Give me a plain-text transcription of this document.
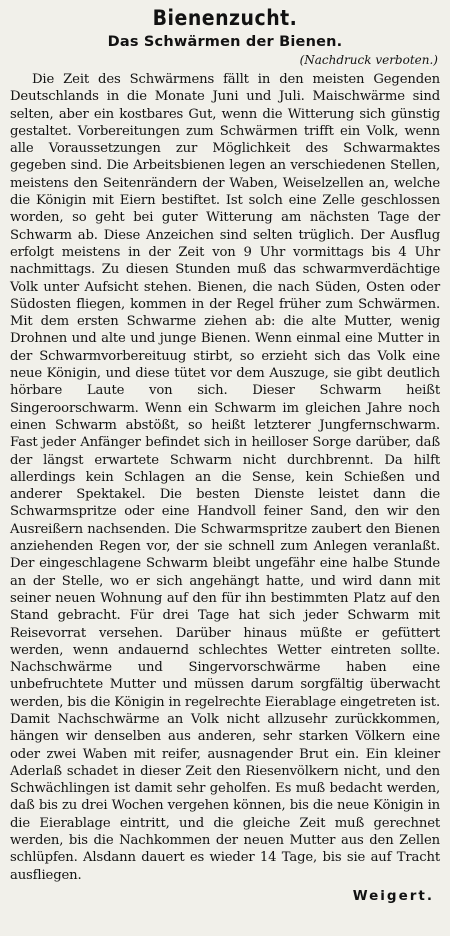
Bienenzucht.
Das Schwärmen der Bienen.

(Nachdruck verboten.)

Die Zeit des Schwärmens fällt in den meisten Gegenden Deutschlands in die Monate Juni und Juli. Maischwärme sind selten, aber ein kostbares Gut, wenn die Witterung sich günstig gestaltet. Vorbereitungen zum Schwärmen trifft ein Volk, wenn alle Voraussetzungen zur Möglichkeit des Schwarmaktes gegeben sind. Die Arbeitsbienen legen an verschiedenen Stellen, meistens den Seitenrändern der Waben, Weiselzellen an, welche die Königin mit Eiern bestiftet. Ist solch eine Zelle geschlossen worden, so geht bei guter Witterung am nächsten Tage der Schwarm ab. Diese Anzeichen sind selten trüglich. Der Ausflug erfolgt meistens in der Zeit von 9 Uhr vormittags bis 4 Uhr nachmittags. Zu diesen Stunden muß das schwarmverdächtige Volk unter Aufsicht stehen. Bienen, die nach Süden, Osten oder Südosten fliegen, kommen in der Regel früher zum Schwärmen. Mit dem ersten Schwarme ziehen ab: die alte Mutter, wenig Drohnen und alte und junge Bienen. Wenn einmal eine Mutter in der Schwarmvorbereituug stirbt, so erzieht sich das Volk eine neue Königin, und diese tütet vor dem Auszuge, sie gibt deutlich hörbare Laute von sich. Dieser Schwarm heißt Singeroorschwarm. Wenn ein Schwarm im gleichen Jahre noch einen Schwarm abstößt, so heißt letzterer Jungfernschwarm. Fast jeder Anfänger befindet sich in heilloser Sorge darüber, daß der längst erwartete Schwarm nicht durchbrennt. Da hilft allerdings kein Schlagen an die Sense, kein Schießen und anderer Spektakel. Die besten Dienste leistet dann die Schwarmspritze oder eine Handvoll feiner Sand, den wir den Ausreißern nachsenden. Die Schwarmspritze zaubert den Bienen anziehenden Regen vor, der sie schnell zum Anlegen veranlaßt. Der eingeschlagene Schwarm bleibt ungefähr eine halbe Stunde an der Stelle, wo er sich angehängt hatte, und wird dann mit seiner neuen Wohnung auf den für ihn bestimmten Platz auf den Stand gebracht. Für drei Tage hat sich jeder Schwarm mit Reisevorrat versehen. Darüber hinaus müßte er gefüttert werden, wenn andauernd schlechtes Wetter eintreten sollte. Nachschwärme und Singervorschwärme haben eine unbefruchtete Mutter und müssen darum sorgfältig überwacht werden, bis die Königin in regelrechte Eierablage eingetreten ist. Damit Nachschwärme an Volk nicht allzusehr zurückkommen, hängen wir denselben aus anderen, sehr starken Völkern eine oder zwei Waben mit reifer, ausnagender Brut ein. Ein kleiner Aderlaß schadet in dieser Zeit den Riesenvölkern nicht, und den Schwächlingen ist damit sehr geholfen. Es muß bedacht werden, daß bis zu drei Wochen vergehen können, bis die neue Königin in die Eierablage eintritt, und die gleiche Zeit muß gerechnet werden, bis die Nachkommen der neuen Mutter aus den Zellen schlüpfen. Alsdann dauert es wieder 14 Tage, bis sie auf Tracht ausfliegen.

Weigert.
